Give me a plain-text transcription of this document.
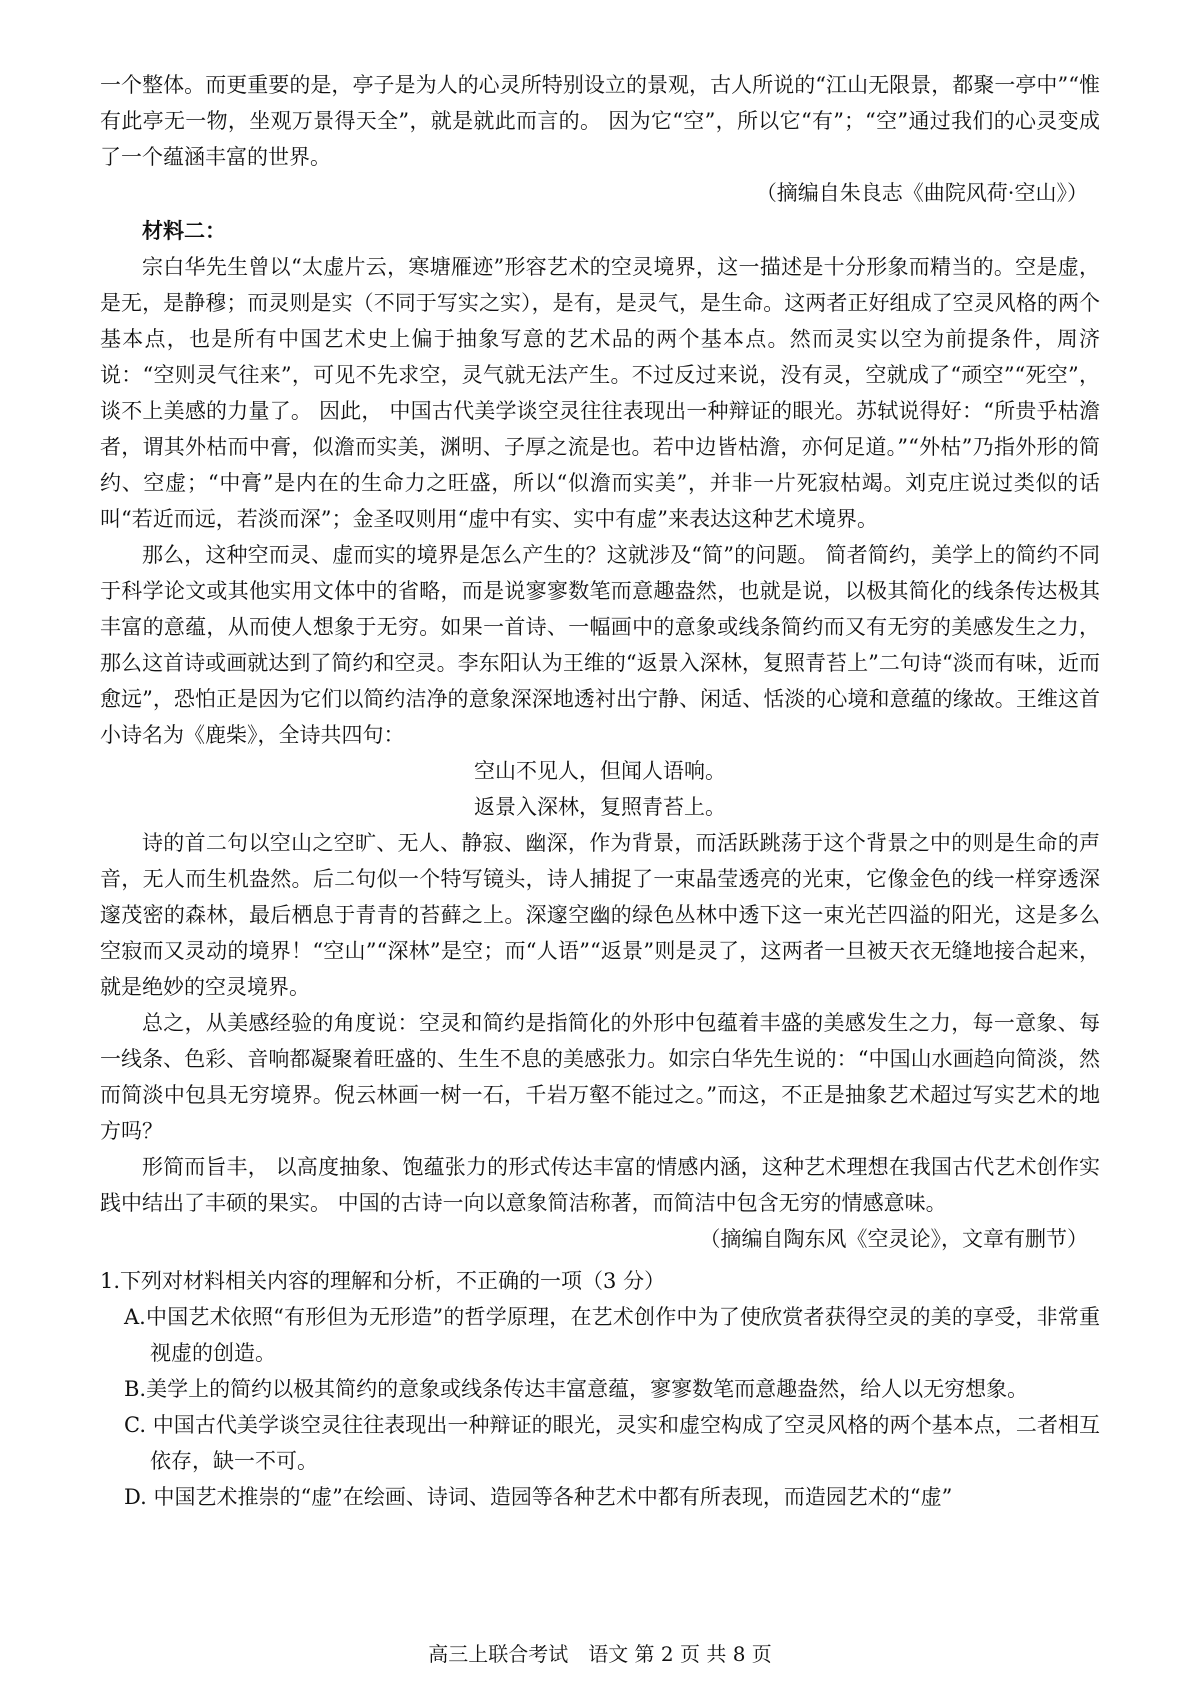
一个整体。而更重要的是，亭子是为人的心灵所特别设立的景观，古人所说的“江山无限景，都聚一亭中”“惟有此亭无一物，坐观万景得天全”，就是就此而言的。 因为它“空”，所以它“有”；“空”通过我们的心灵变成了一个蕴涵丰富的世界。

（摘编自朱良志《曲院风荷·空山》）

材料二：

宗白华先生曾以“太虚片云，寒塘雁迹”形容艺术的空灵境界，这一描述是十分形象而精当的。空是虚，是无，是静穆；而灵则是实（不同于写实之实），是有，是灵气，是生命。这两者正好组成了空灵风格的两个基本点，也是所有中国艺术史上偏于抽象写意的艺术品的两个基本点。然而灵实以空为前提条件，周济说：“空则灵气往来”，可见不先求空，灵气就无法产生。不过反过来说，没有灵，空就成了“顽空”“死空”，谈不上美感的力量了。 因此， 中国古代美学谈空灵往往表现出一种辩证的眼光。苏轼说得好：“所贵乎枯澹者，谓其外枯而中膏，似澹而实美，渊明、子厚之流是也。若中边皆枯澹，亦何足道。”“外枯”乃指外形的简约、空虚；“中膏”是内在的生命力之旺盛，所以“似澹而实美”，并非一片死寂枯竭。刘克庄说过类似的话叫“若近而远，若淡而深”；金圣叹则用“虚中有实、实中有虚”来表达这种艺术境界。

那么，这种空而灵、虚而实的境界是怎么产生的？这就涉及“简”的问题。 简者简约，美学上的简约不同于科学论文或其他实用文体中的省略，而是说寥寥数笔而意趣盎然，也就是说，以极其简化的线条传达极其丰富的意蕴，从而使人想象于无穷。如果一首诗、一幅画中的意象或线条简约而又有无穷的美感发生之力，那么这首诗或画就达到了简约和空灵。李东阳认为王维的“返景入深林，复照青苔上”二句诗“淡而有味，近而愈远”，恐怕正是因为它们以简约洁净的意象深深地透衬出宁静、闲适、恬淡的心境和意蕴的缘故。王维这首小诗名为《鹿柴》，全诗共四句：

空山不见人，但闻人语响。

返景入深林，复照青苔上。

诗的首二句以空山之空旷、无人、静寂、幽深，作为背景，而活跃跳荡于这个背景之中的则是生命的声音，无人而生机盎然。后二句似一个特写镜头，诗人捕捉了一束晶莹透亮的光束，它像金色的线一样穿透深邃茂密的森林，最后栖息于青青的苔藓之上。深邃空幽的绿色丛林中透下这一束光芒四溢的阳光，这是多么空寂而又灵动的境界！“空山”“深林”是空；而“人语”“返景”则是灵了，这两者一旦被天衣无缝地接合起来，就是绝妙的空灵境界。

总之，从美感经验的角度说：空灵和简约是指简化的外形中包蕴着丰盛的美感发生之力，每一意象、每一线条、色彩、音响都凝聚着旺盛的、生生不息的美感张力。如宗白华先生说的：“中国山水画趋向简淡，然而简淡中包具无穷境界。倪云林画一树一石，千岩万壑不能过之。”而这，不正是抽象艺术超过写实艺术的地方吗？

形简而旨丰， 以高度抽象、饱蕴张力的形式传达丰富的情感内涵，这种艺术理想在我国古代艺术创作实践中结出了丰硕的果实。 中国的古诗一向以意象简洁称著，而简洁中包含无穷的情感意味。

（摘编自陶东风《空灵论》，文章有删节）

1.下列对材料相关内容的理解和分析，不正确的一项（3 分）

A.中国艺术依照“有形但为无形造”的哲学原理，在艺术创作中为了使欣赏者获得空灵的美的享受，非常重视虚的创造。

B.美学上的简约以极其简约的意象或线条传达丰富意蕴，寥寥数笔而意趣盎然，给人以无穷想象。

C. 中国古代美学谈空灵往往表现出一种辩证的眼光，灵实和虚空构成了空灵风格的两个基本点，二者相互依存，缺一不可。

D. 中国艺术推崇的“虚”在绘画、诗词、造园等各种艺术中都有所表现，而造园艺术的“虚”

高三上联合考试　语文 第 2 页 共 8 页
